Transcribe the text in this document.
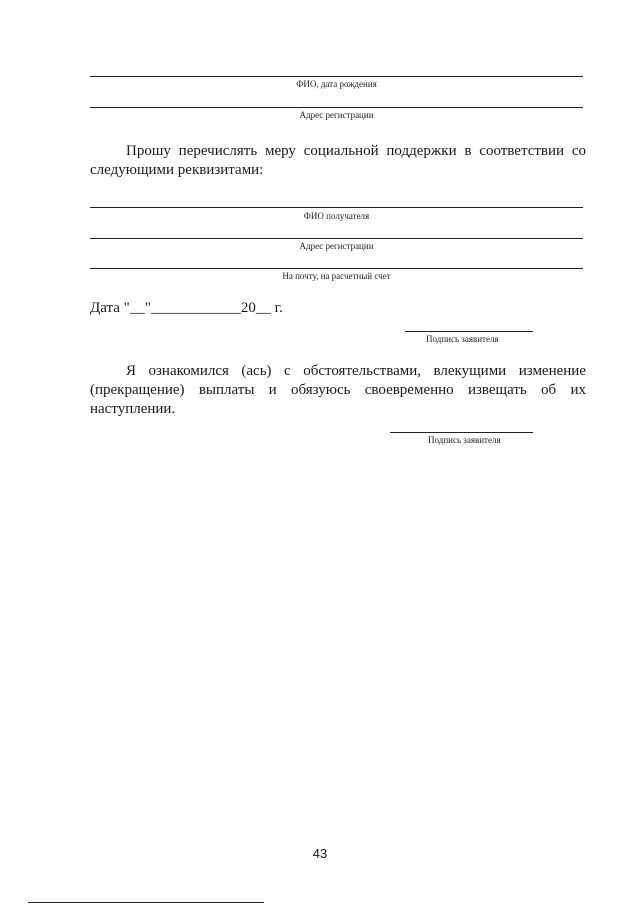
ФИО, дата рождения
Адрес регистрации
Прошу перечислять меру социальной поддержки в соответствии со следующими реквизитами:
ФИО получателя
Адрес регистрации
На почту, на расчетный счет
Дата "__"____________20__ г.
Подпись заявителя
Я ознакомился (ась) с обстоятельствами, влекущими изменение (прекращение) выплаты и обязуюсь своевременно извещать об их наступлении.
Подпись заявителя
43
